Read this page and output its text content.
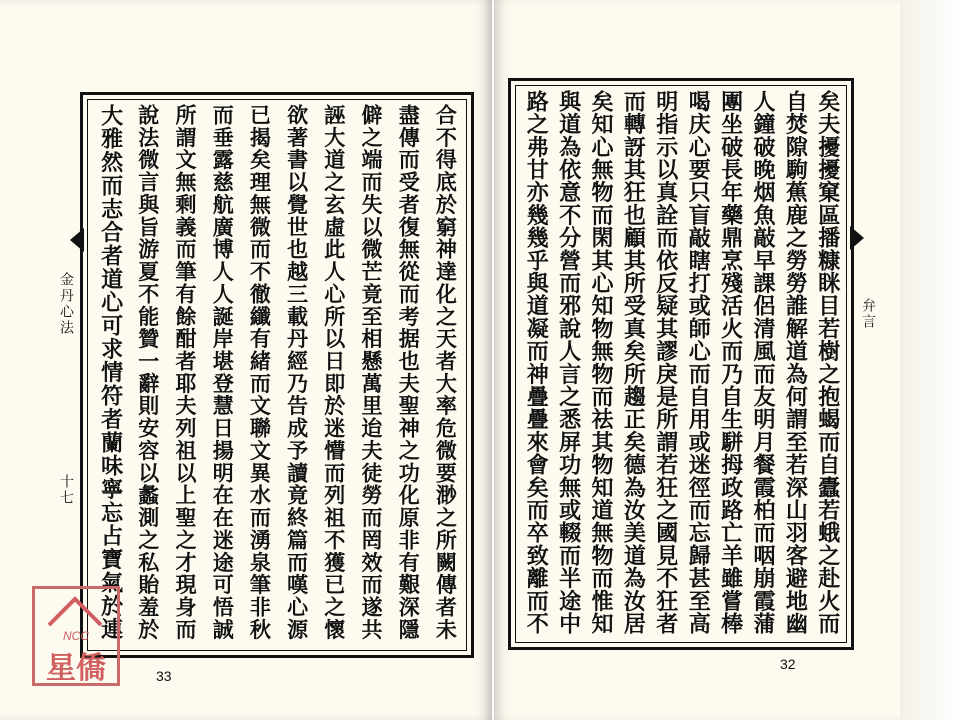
合不得底於窮神達化之天者大率危微要渺之所闕傳者未
盡傳而受者復無從而考据也夫聖神之功化原非有艱深隱
僻之端而失以微芒竟至相懸萬里迨夫徒勞而罔效而遂共
誣大道之玄虛此人心所以日即於迷懵而列祖不獲已之懷
欲著書以覺世也越三載丹經乃告成予讀竟終篇而嘆心源
已揭矣理無微而不徹纖有緒而文聯文異水而湧泉筆非秋
而垂露慈航廣博人人誕岸堪登慧日揚明在在迷途可悟誠
所謂文無剩義而筆有餘酣者耶夫列祖以上聖之才現身而
說法微言與旨游夏不能贊一辭則安容以蠡測之私貽羞於
大雅然而志合者道心可求情符者蘭味寧忘占寶氣於連
金丹心法
十七
33
矣夫擾擾窠區播糠眯目若樹之抱蝎而自蠹若蛾之赴火而
自焚隙駒蕉鹿之勞勞誰解道為何謂至若深山羽客避地幽
人鐘破晚烟魚敲早課侶清風而友明月餐霞柏而咽崩霞蒲
團坐破長年藥鼎烹殘活火而乃自生駢拇政路亡羊雖嘗棒
喝庆心要只盲敲瞎打或師心而自用或迷徑而忘歸甚至高
明指示以真詮而依反疑其謬戾是所謂若狂之國見不狂者
而轉訝其狂也顧其所受真矣所趨正矣德為汝美道為汝居
矣知心無物而閑其心知物無物而祛其物知道無物而惟知
與道為依意不分營而邪說人言之悉屏功無或輟而半途中
路之弗甘亦幾幾乎與道凝而神疊疊來會矣而卒致離而不	弁言
32
NCC
星僑
